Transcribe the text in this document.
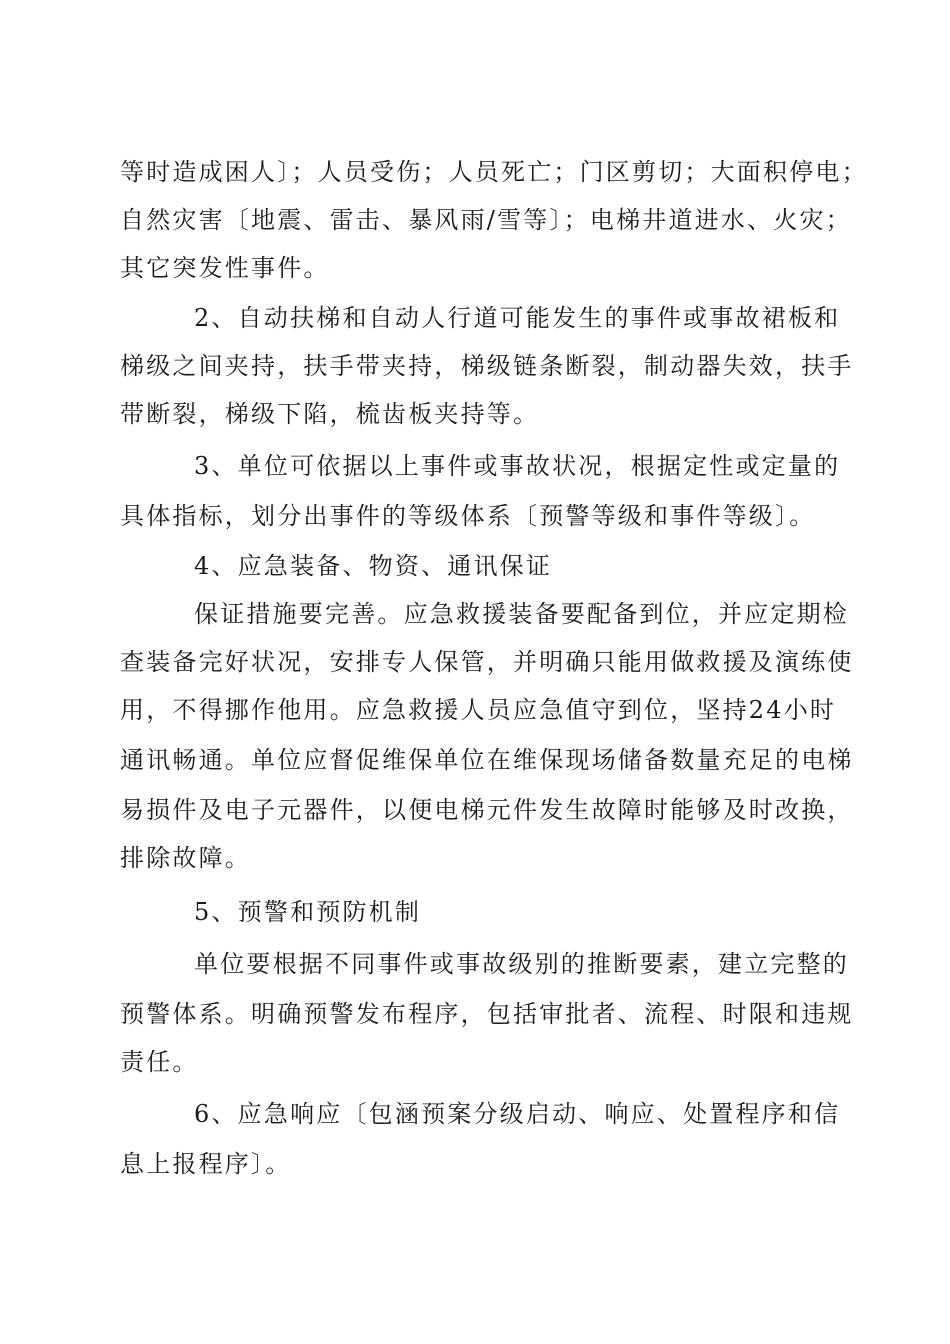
等时造成困人〕；人员受伤；人员死亡；门区剪切；大面积停电；
自然灾害〔地震、雷击、暴风雨/雪等〕；电梯井道进水、火灾；
其它突发性事件。
2、自动扶梯和自动人行道可能发生的事件或事故裙板和
梯级之间夹持，扶手带夹持，梯级链条断裂，制动器失效，扶手
带断裂，梯级下陷，梳齿板夹持等。
3、单位可依据以上事件或事故状况，根据定性或定量的
具体指标，划分出事件的等级体系〔预警等级和事件等级〕。
4、应急装备、物资、通讯保证
保证措施要完善。应急救援装备要配备到位，并应定期检
查装备完好状况，安排专人保管，并明确只能用做救援及演练使
用，不得挪作他用。应急救援人员应急值守到位，坚持24小时
通讯畅通。单位应督促维保单位在维保现场储备数量充足的电梯
易损件及电子元器件，以便电梯元件发生故障时能够及时改换，
排除故障。
5、预警和预防机制
单位要根据不同事件或事故级别的推断要素，建立完整的
预警体系。明确预警发布程序，包括审批者、流程、时限和违规
责任。
6、应急响应〔包涵预案分级启动、响应、处置程序和信
息上报程序〕。
